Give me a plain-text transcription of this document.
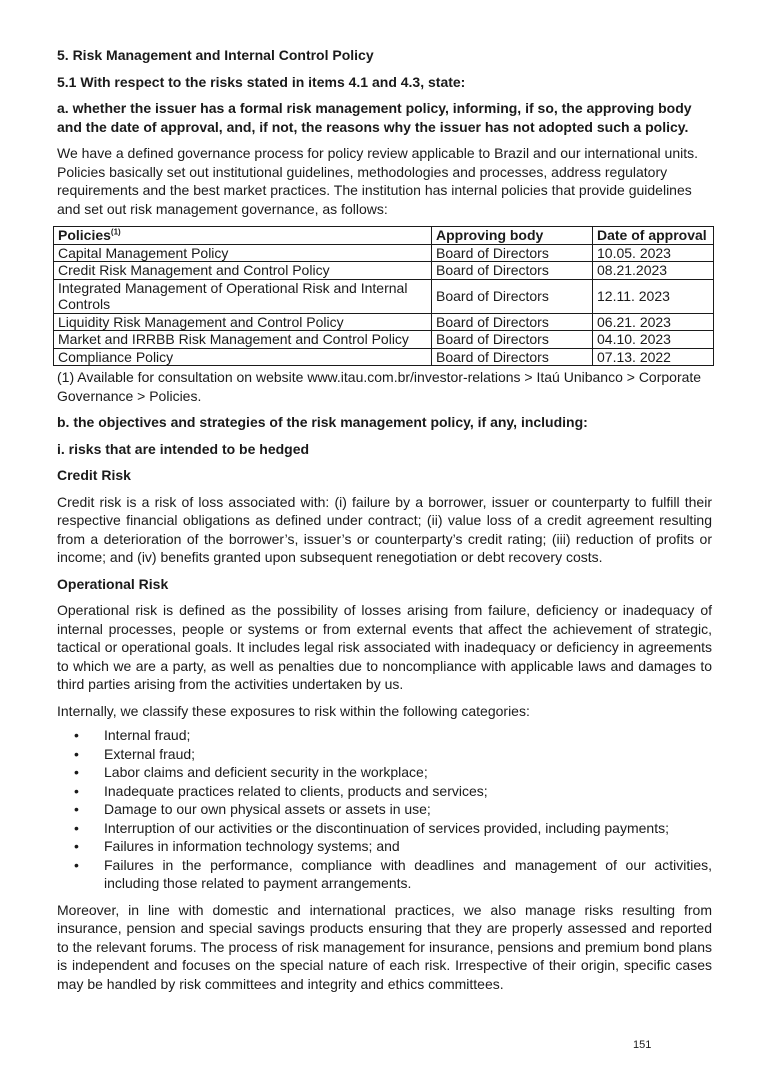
5. Risk Management and Internal Control Policy

5.1 With respect to the risks stated in items 4.1 and 4.3, state:

a. whether the issuer has a formal risk management policy, informing, if so, the approving body and the date of approval, and, if not, the reasons why the issuer has not adopted such a policy.

We have a defined governance process for policy review applicable to Brazil and our international units. Policies basically set out institutional guidelines, methodologies and processes, address regulatory requirements and the best market practices. The institution has internal policies that provide guidelines and set out risk management governance, as follows:

Policies$^{(1)}$	Approving body	Date of approval
Capital Management Policy	Board of Directors	10.05. 2023
Credit Risk Management and Control Policy	Board of Directors	08.21.2023
Integrated Management of Operational Risk and Internal Controls	Board of Directors	12.11. 2023
Liquidity Risk Management and Control Policy	Board of Directors	06.21. 2023
Market and IRRBB Risk Management and Control Policy	Board of Directors	04.10. 2023
Compliance Policy	Board of Directors	07.13. 2022

(1) Available for consultation on website www.itau.com.br/investor-relations > Itaú Unibanco > Corporate Governance > Policies.

b. the objectives and strategies of the risk management policy, if any, including:

i. risks that are intended to be hedged

Credit Risk

Credit risk is a risk of loss associated with: (i) failure by a borrower, issuer or counterparty to fulfill their respective financial obligations as defined under contract; (ii) value loss of a credit agreement resulting from a deterioration of the borrower’s, issuer’s or counterparty’s credit rating; (iii) reduction of profits or income; and (iv) benefits granted upon subsequent renegotiation or debt recovery costs.

Operational Risk

Operational risk is defined as the possibility of losses arising from failure, deficiency or inadequacy of internal processes, people or systems or from external events that affect the achievement of strategic, tactical or operational goals. It includes legal risk associated with inadequacy or deficiency in agreements to which we are a party, as well as penalties due to noncompliance with applicable laws and damages to third parties arising from the activities undertaken by us.

Internally, we classify these exposures to risk within the following categories:

• Internal fraud;
• External fraud;
• Labor claims and deficient security in the workplace;
• Inadequate practices related to clients, products and services;
• Damage to our own physical assets or assets in use;
• Interruption of our activities or the discontinuation of services provided, including payments;
• Failures in information technology systems; and
• Failures in the performance, compliance with deadlines and management of our activities, including those related to payment arrangements.

Moreover, in line with domestic and international practices, we also manage risks resulting from insurance, pension and special savings products ensuring that they are properly assessed and reported to the relevant forums. The process of risk management for insurance, pensions and premium bond plans is independent and focuses on the special nature of each risk. Irrespective of their origin, specific cases may be handled by risk committees and integrity and ethics committees.

151
